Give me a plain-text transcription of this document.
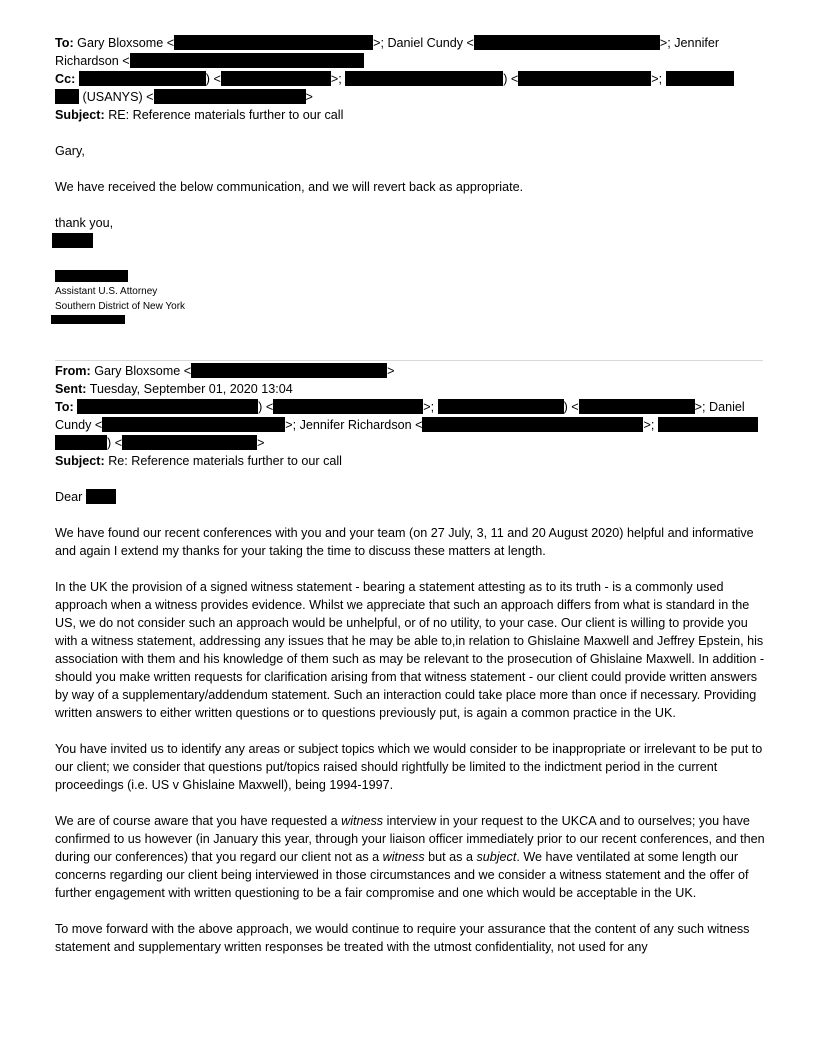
To: Gary Bloxsome <	>; Daniel Cundy <	>; Jennifer
Richardson <
Cc:	) <	>;	) <	>;
(USANYS) <	>
Subject: RE: Reference materials further to our call

Gary,

We have received the below communication, and we will revert back as appropriate.

thank you,

Assistant U.S. Attorney
Southern District of New York
From: Gary Bloxsome <	>
Sent: Tuesday, September 01, 2020 13:04
To:	) <	>;	) <	>; Daniel
Cundy <	>; Jennifer Richardson <	>;
) <	>
Subject: Re: Reference materials further to our call
Dear

We have found our recent conferences with you and your team (on 27 July, 3, 11 and 20 August 2020) helpful and informative and again I extend my thanks for your taking the time to discuss these matters at length.

In the UK the provision of a signed witness statement - bearing a statement attesting as to its truth - is a commonly used approach when a witness provides evidence. Whilst we appreciate that such an approach differs from what is standard in the US, we do not consider such an approach would be unhelpful, or of no utility, to your case. Our client is willing to provide you with a witness statement, addressing any issues that he may be able to,in relation to Ghislaine Maxwell and Jeffrey Epstein, his association with them and his knowledge of them such as may be relevant to the prosecution of Ghislaine Maxwell. In addition - should you make written requests for clarification arising from that witness statement - our client could provide written answers by way of a supplementary/addendum statement. Such an interaction could take place more than once if necessary. Providing written answers to either written questions or to questions previously put, is again a common practice in the UK.

You have invited us to identify any areas or subject topics which we would consider to be inappropriate or irrelevant to be put to our client; we consider that questions put/topics raised should rightfully be limited to the indictment period in the current proceedings (i.e. US v Ghislaine Maxwell), being 1994-1997.

We are of course aware that you have requested a witness interview in your request to the UKCA and to ourselves; you have confirmed to us however (in January this year, through your liaison officer immediately prior to our recent conferences, and then during our conferences) that you regard our client not as a witness but as a subject. We have ventilated at some length our concerns regarding our client being interviewed in those circumstances and we consider a witness statement and the offer of further engagement with written questioning to be a fair compromise and one which would be acceptable in the UK.

To move forward with the above approach, we would continue to require your assurance that the content of any such witness statement and supplementary written responses be treated with the utmost confidentiality, not used for any
